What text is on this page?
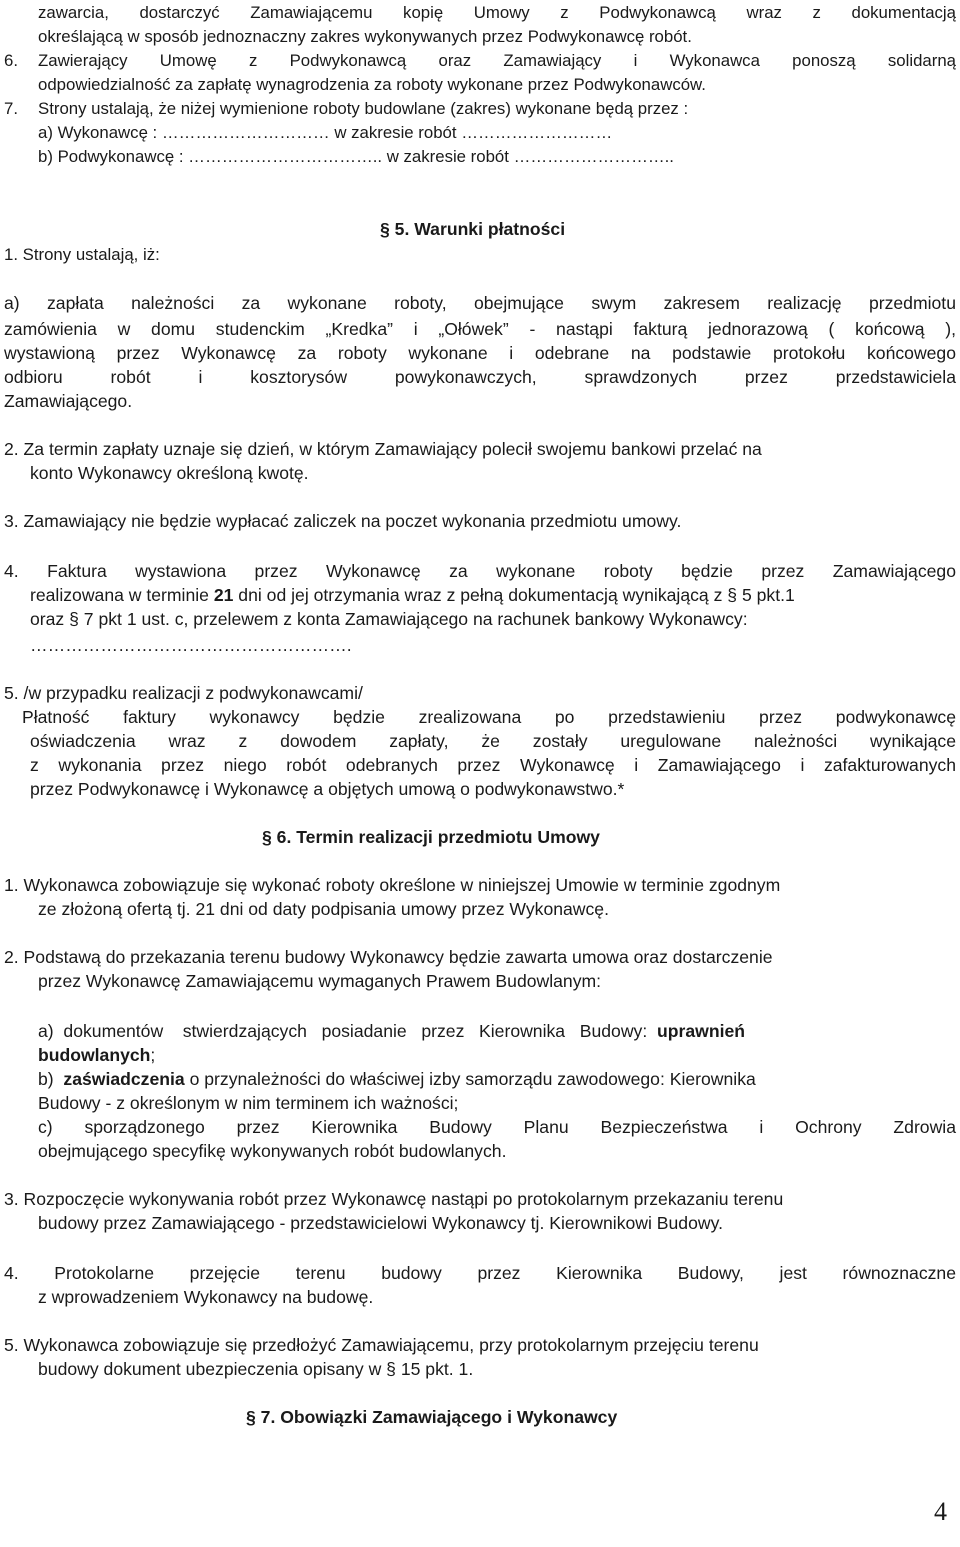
zawarcia, dostarczyć Zamawiającemu kopię Umowy z Podwykonawcą wraz z dokumentacją
określającą w sposób jednoznaczny zakres wykonywanych przez Podwykonawcę robót.
6. Zawierający Umowę z Podwykonawcą oraz Zamawiający i Wykonawca ponoszą solidarną
odpowiedzialność za zapłatę wynagrodzenia za roboty wykonane przez Podwykonawców.
7. Strony ustalają, że niżej wymienione roboty budowlane (zakres) wykonane będą przez :
a) Wykonawcę : ………………………… w zakresie robót ………………………
b) Podwykonawcę : …………………………….. w zakresie robót ………………………..
1. Strony ustalają, iż:
§ 5. Warunki płatności
a) zapłata należności za wykonane roboty, obejmujące swym zakresem realizację przedmiotu
zamówienia w domu studenckim „Kredka” i „Ołówek” - nastąpi fakturą jednorazową ( końcową ),
wystawioną przez Wykonawcę za roboty wykonane i odebrane na podstawie protokołu końcowego
odbioru robót i kosztorysów powykonawczych, sprawdzonych przez przedstawiciela
Zamawiającego.
2. Za termin zapłaty uznaje się dzień, w którym Zamawiający polecił swojemu bankowi przelać na
konto Wykonawcy określoną kwotę.
3. Zamawiający nie będzie wypłacać zaliczek na poczet wykonania przedmiotu umowy.
4. Faktura wystawiona przez Wykonawcę za wykonane roboty będzie przez Zamawiającego
realizowana w terminie 21 dni od jej otrzymania wraz z pełną dokumentacją wynikającą z § 5 pkt.1
oraz § 7 pkt 1 ust. c, przelewem z konta Zamawiającego na rachunek bankowy Wykonawcy:
……………………………………………….
5. /w przypadku realizacji z podwykonawcami/
Płatność faktury wykonawcy będzie zrealizowana po przedstawieniu przez podwykonawcę
oświadczenia wraz z dowodem zapłaty, że zostały uregulowane należności wynikające
z wykonania przez niego robót odebranych przez Wykonawcę i Zamawiającego i zafakturowanych
przez Podwykonawcę i Wykonawcę a objętych umową o podwykonawstwo.*
§ 6. Termin realizacji przedmiotu Umowy
1. Wykonawca zobowiązuje się wykonać roboty określone w niniejszej Umowie w terminie zgodnym
ze złożoną ofertą tj. 21 dni od daty podpisania umowy przez Wykonawcę.
2. Podstawą do przekazania terenu budowy Wykonawcy będzie zawarta umowa oraz dostarczenie
przez Wykonawcę Zamawiającemu wymaganych Prawem Budowlanym:
a)  dokumentów    stwierdzających   posiadanie   przez   Kierownika   Budowy:  uprawnień
budowlanych;
b)  zaświadczenia o przynależności do właściwej izby samorządu zawodowego: Kierownika
Budowy - z określonym w nim terminem ich ważności;
c) sporządzonego przez Kierownika Budowy Planu Bezpieczeństwa i Ochrony Zdrowia
obejmującego specyfikę wykonywanych robót budowlanych.
3. Rozpoczęcie wykonywania robót przez Wykonawcę nastąpi po protokolarnym przekazaniu terenu
budowy przez Zamawiającego - przedstawicielowi Wykonawcy tj. Kierownikowi Budowy.
4. Protokolarne przejęcie terenu budowy przez Kierownika Budowy, jest równoznaczne
z wprowadzeniem Wykonawcy na budowę.
5. Wykonawca zobowiązuje się przedłożyć Zamawiającemu, przy protokolarnym przejęciu terenu
budowy dokument ubezpieczenia opisany w § 15 pkt. 1.
§ 7. Obowiązki Zamawiającego i Wykonawcy
4
